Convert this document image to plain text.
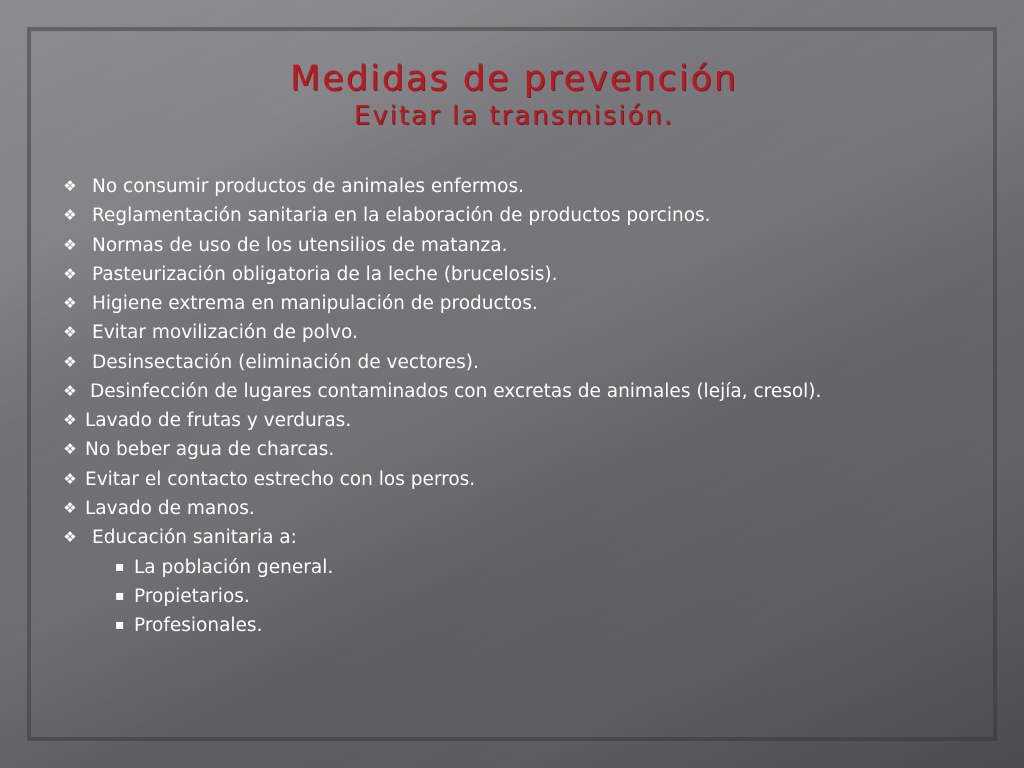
Medidas de prevención
Evitar la transmisión.
❖ No consumir productos de animales enfermos.
❖ Reglamentación sanitaria en la elaboración de productos porcinos.
❖ Normas de uso de los utensilios de matanza.
❖ Pasteurización obligatoria de la leche (brucelosis).
❖ Higiene extrema en manipulación de productos.
❖ Evitar movilización de polvo.
❖ Desinsectación (eliminación de vectores).
❖ Desinfección de lugares contaminados con excretas de animales (lejía, cresol).
❖ Lavado de frutas y verduras.
❖ No beber agua de charcas.
❖ Evitar el contacto estrecho con los perros.
❖ Lavado de manos.
❖ Educación sanitaria a:
▪ La población general.
▪ Propietarios.
▪ Profesionales.
